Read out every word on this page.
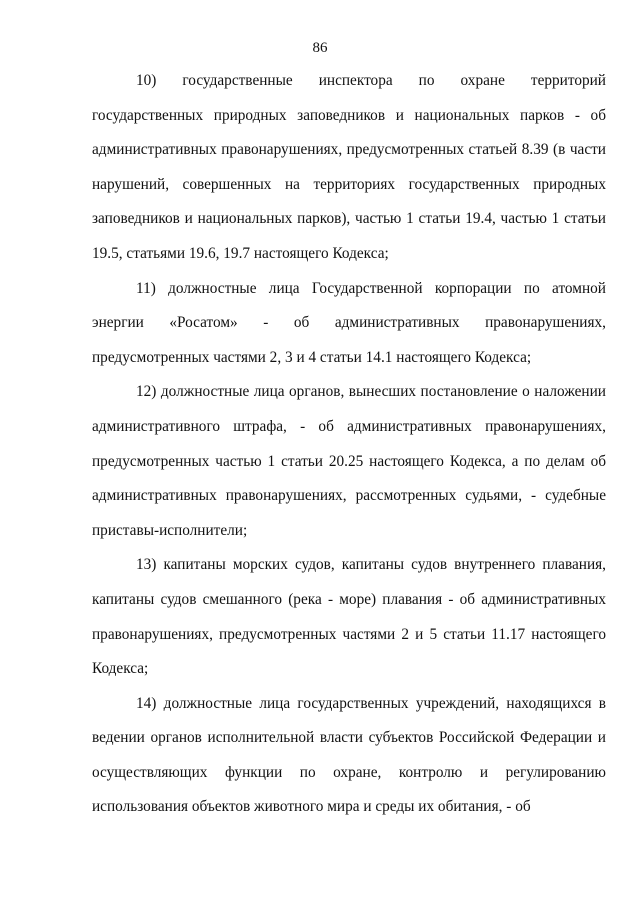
86

10) государственные инспектора по охране территорий государственных природных заповедников и национальных парков - об административных правонарушениях, предусмотренных статьей 8.39 (в части нарушений, совершенных на территориях государственных природных заповедников и национальных парков), частью 1 статьи 19.4, частью 1 статьи 19.5, статьями 19.6, 19.7 настоящего Кодекса;

11) должностные лица Государственной корпорации по атомной энергии «Росатом» - об административных правонарушениях, предусмотренных частями 2, 3 и 4 статьи 14.1 настоящего Кодекса;

12) должностные лица органов, вынесших постановление о наложении административного штрафа, - об административных правонарушениях, предусмотренных частью 1 статьи 20.25 настоящего Кодекса, а по делам об административных правонарушениях, рассмотренных судьями, - судебные приставы-исполнители;

13) капитаны морских судов, капитаны судов внутреннего плавания, капитаны судов смешанного (река - море) плавания - об административных правонарушениях, предусмотренных частями 2 и 5 статьи 11.17 настоящего Кодекса;

14) должностные лица государственных учреждений, находящихся в ведении органов исполнительной власти субъектов Российской Федерации и осуществляющих функции по охране, контролю и регулированию использования объектов животного мира и среды их обитания, - об
